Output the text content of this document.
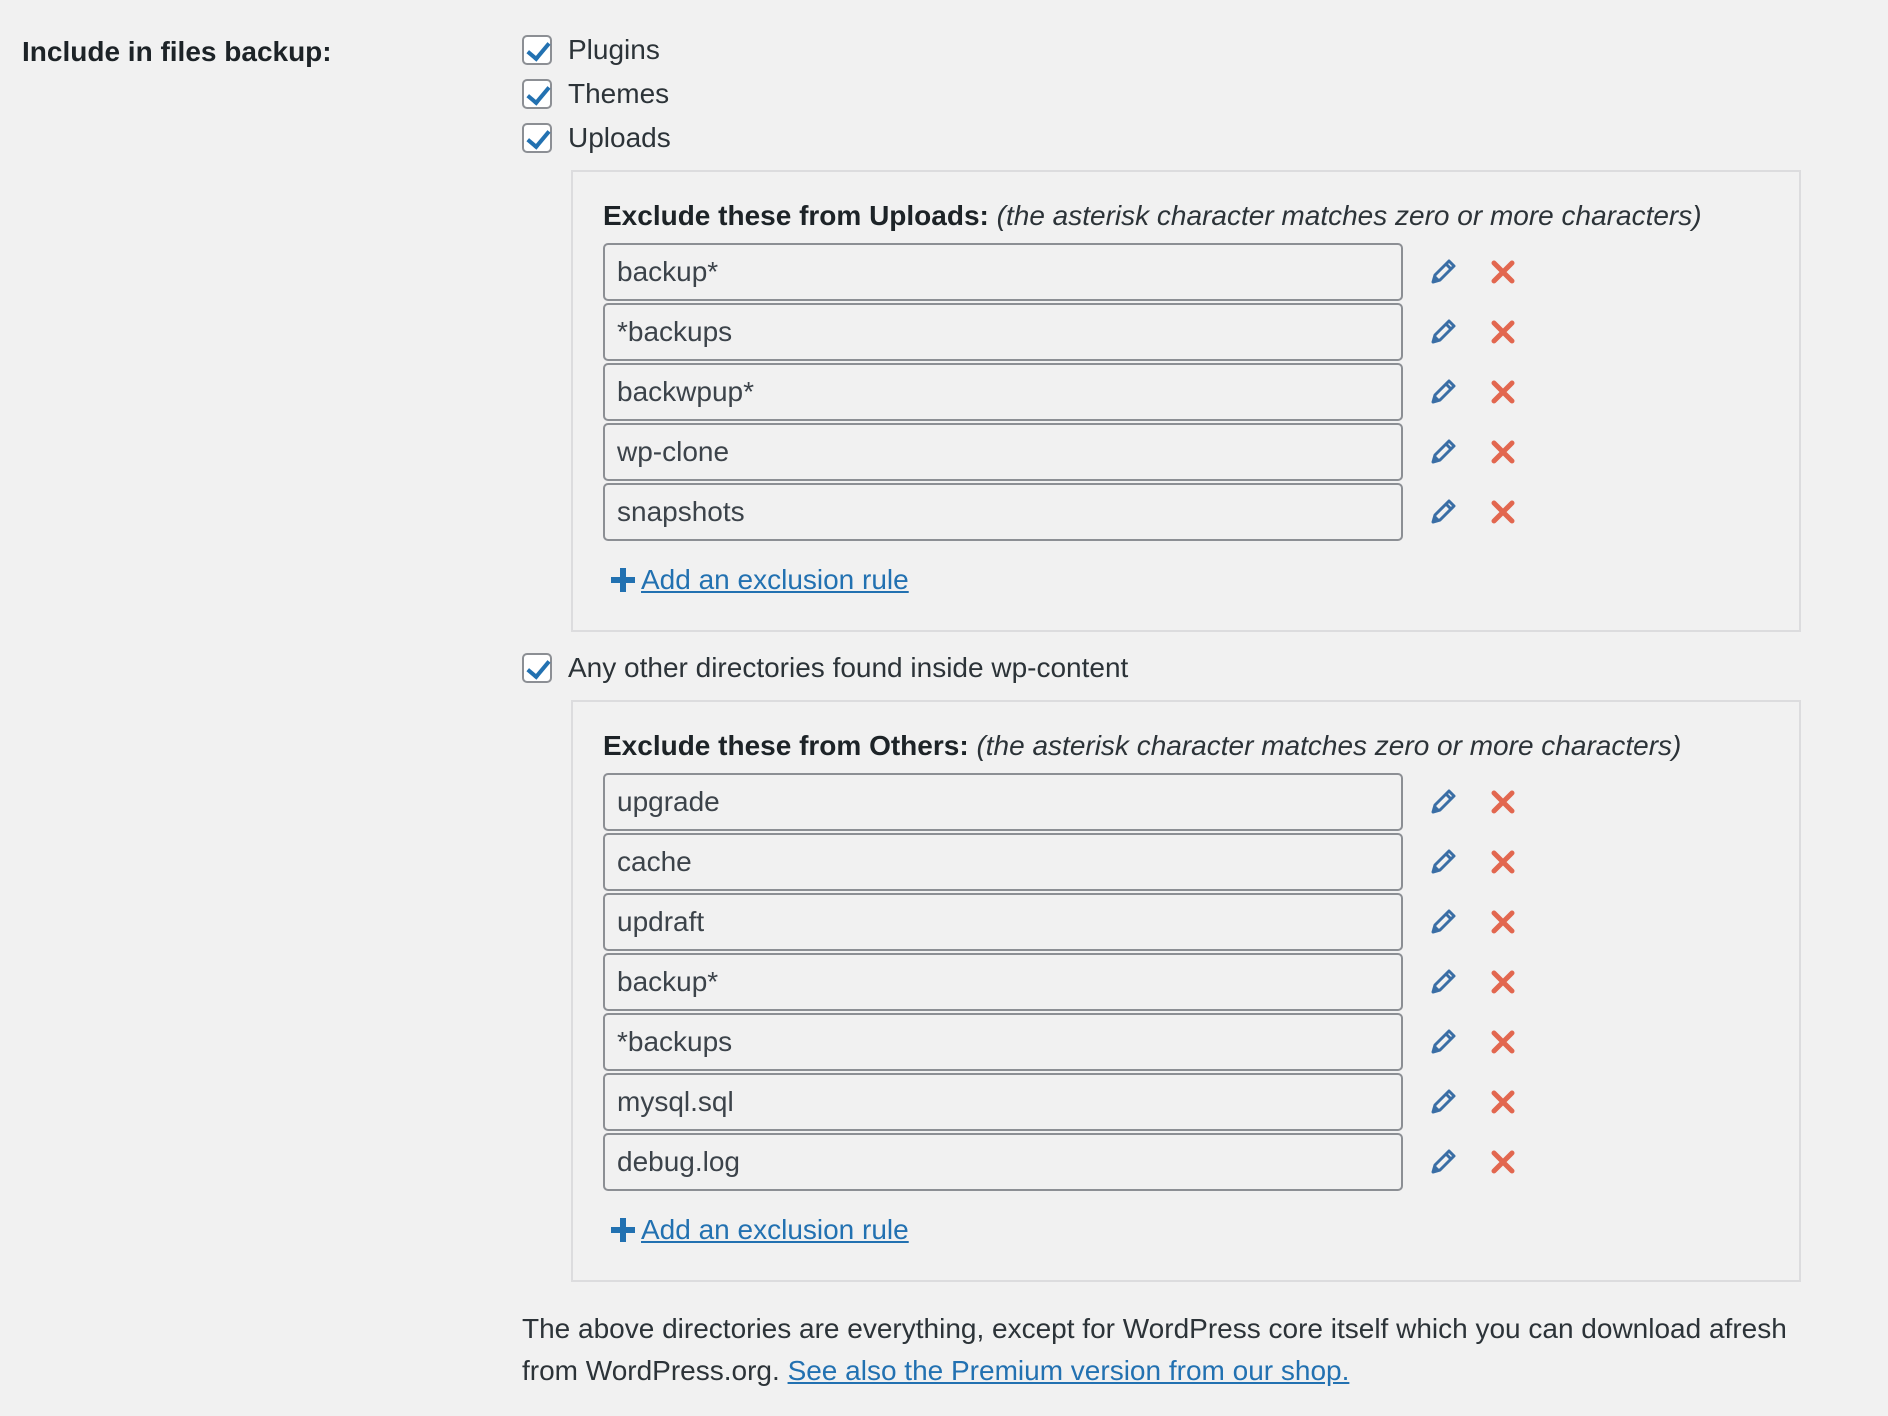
Include in files backup:	Plugins
Themes
Uploads
Exclude these from Uploads: (the asterisk character matches zero or more characters)
backup*
*backups
backwpup*
wp-clone
snapshots
Add an exclusion rule
Any other directories found inside wp-content
Exclude these from Others: (the asterisk character matches zero or more characters)
upgrade
cache
updraft
backup*
*backups
mysql.sql
debug.log
Add an exclusion rule
The above directories are everything, except for WordPress core itself which you can download afresh from WordPress.org. See also the Premium version from our shop.
